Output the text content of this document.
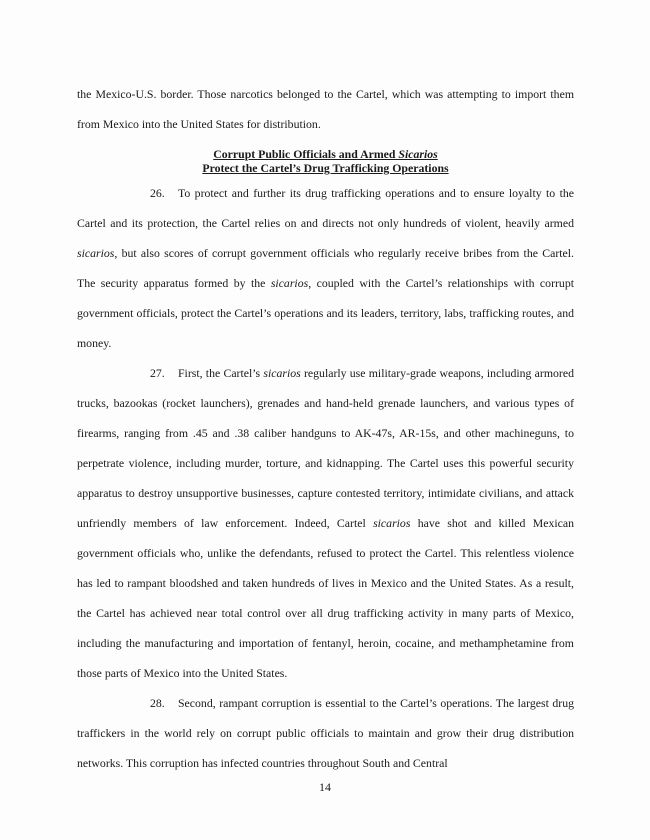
the Mexico-U.S. border. Those narcotics belonged to the Cartel, which was attempting to import them from Mexico into the United States for distribution.

Corrupt Public Officials and Armed Sicarios
Protect the Cartel’s Drug Trafficking Operations

26. To protect and further its drug trafficking operations and to ensure loyalty to the Cartel and its protection, the Cartel relies on and directs not only hundreds of violent, heavily armed sicarios, but also scores of corrupt government officials who regularly receive bribes from the Cartel. The security apparatus formed by the sicarios, coupled with the Cartel’s relationships with corrupt government officials, protect the Cartel’s operations and its leaders, territory, labs, trafficking routes, and money.

27. First, the Cartel’s sicarios regularly use military-grade weapons, including armored trucks, bazookas (rocket launchers), grenades and hand-held grenade launchers, and various types of firearms, ranging from .45 and .38 caliber handguns to AK-47s, AR-15s, and other machineguns, to perpetrate violence, including murder, torture, and kidnapping. The Cartel uses this powerful security apparatus to destroy unsupportive businesses, capture contested territory, intimidate civilians, and attack unfriendly members of law enforcement. Indeed, Cartel sicarios have shot and killed Mexican government officials who, unlike the defendants, refused to protect the Cartel. This relentless violence has led to rampant bloodshed and taken hundreds of lives in Mexico and the United States. As a result, the Cartel has achieved near total control over all drug trafficking activity in many parts of Mexico, including the manufacturing and importation of fentanyl, heroin, cocaine, and methamphetamine from those parts of Mexico into the United States.

28. Second, rampant corruption is essential to the Cartel’s operations. The largest drug traffickers in the world rely on corrupt public officials to maintain and grow their drug distribution networks. This corruption has infected countries throughout South and Central

14
